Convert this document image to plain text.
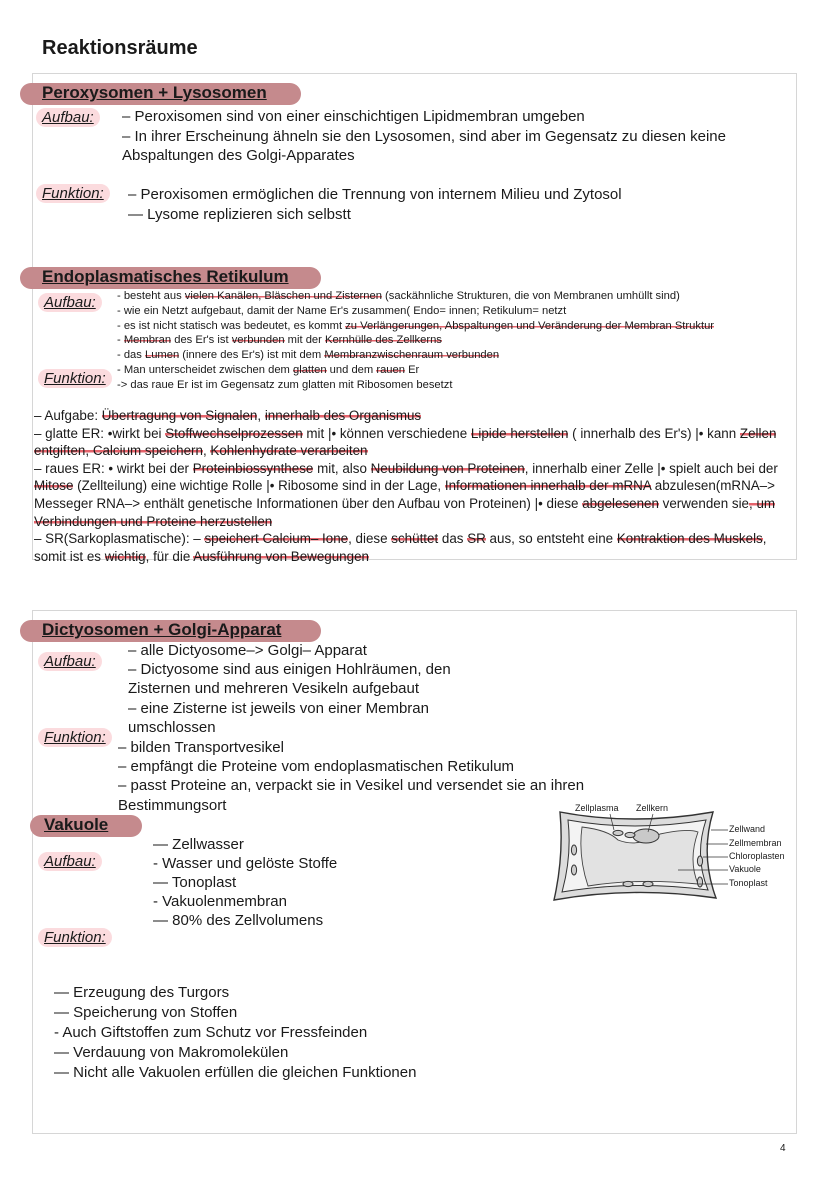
Reaktionsräume
Peroxysomen + Lysosomen
Aufbau:	– Peroxisomen sind von einer einschichtigen Lipidmembran umgeben
– In ihrer Erscheinung ähneln sie den Lysosomen, sind aber im Gegensatz zu diesen keine
Abspaltungen des Golgi-Apparates
Funktion:	– Peroxisomen ermöglichen die Trennung von internem Milieu und Zytosol
— Lysome replizieren sich selbstt
Endoplasmatisches Retikulum
Aufbau:
Funktion:
- besteht aus vielen Kanälen, Bläschen und Zisternen (sackähnliche Strukturen, die von Membranen umhüllt sind)
- wie ein Netzt aufgebaut, damit der Name Er's zusammen( Endo= innen; Retikulum= netzt
- es ist nicht statisch was bedeutet, es kommt zu Verlängerungen, Abspaltungen und Veränderung der Membran Struktur
- Membran des Er's ist verbunden mit der Kernhülle des Zellkerns
- das Lumen (innere des Er's) ist mit dem Membranzwischenraum verbunden
- Man unterscheidet zwischen dem glatten und dem rauen Er
-> das raue Er ist im Gegensatz zum glatten mit Ribosomen besetzt
– Aufgabe: Übertragung von Signalen, innerhalb des Organismus
– glatte ER: •wirkt bei Stoffwechselprozessen mit |• können verschiedene Lipide herstellen ( innerhalb des Er's) |• kann Zellen entgiften, Calcium speichern, Kohlenhydrate verarbeiten
– raues ER: • wirkt bei der Proteinbiossynthese mit, also Neubildung von Proteinen, innerhalb einer Zelle |• spielt auch bei der Mitose (Zellteilung) eine wichtige Rolle |• Ribosome sind in der Lage, Informationen innerhalb der mRNA abzulesen(mRNA–> Messeger RNA–> enthält genetische Informationen über den Aufbau von Proteinen) |• diese abgelesenen verwenden sie, um Verbindungen und Proteine herzustellen
– SR(Sarkoplasmatische): – speichert Calcium– Ione, diese schüttet das SR aus, so entsteht eine Kontraktion des Muskels, somit ist es wichtig, für die Ausführung von Bewegungen
Dictyosomen + Golgi-Apparat
Aufbau:
– alle Dictyosome–> Golgi– Apparat
– Dictyosome sind aus einigen Hohlräumen, den
Zisternen und mehreren Vesikeln aufgebaut
– eine Zisterne ist jeweils von einer Membran
umschlossen
Funktion:
– bilden Transportvesikel
– empfängt die Proteine vom endoplasmatischen Retikulum
– passt Proteine an, verpackt sie in Vesikel und versendet sie an ihren
Bestimmungsort
Vakuole
Aufbau:
— Zellwasser
- Wasser und gelöste Stoffe
— Tonoplast
- Vakuolenmembran
— 80% des Zellvolumens
Funktion:
— Erzeugung des Turgors
— Speicherung von Stoffen
- Auch Giftstoffen zum Schutz vor Fressfeinden
— Verdauung von Makromolekülen
— Nicht alle Vakuolen erfüllen die gleichen Funktionen
Zellplasma Zellkern
Zellwand
Zellmembran
Chloroplasten
Vakuole
Tonoplast
4
